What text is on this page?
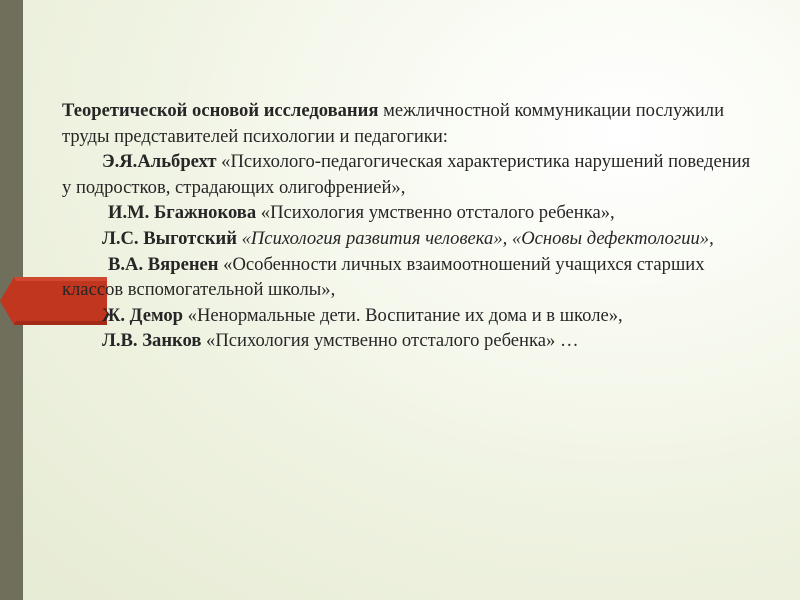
Теоретической основой исследования межличностной коммуникации послужили труды представителей психологии и педагогики:

Э.Я.Альбрехт «Психолого-педагогическая характеристика нарушений поведения у подростков, страдающих олигофренией»,

И.М. Бгажнокова «Психология умственно отсталого ребенка»,

Л.С. Выготский «Психология развития человека», «Основы дефектологии»,

В.А. Вяренен «Особенности личных взаимоотношений учащихся старших классов вспомогательной школы»,

Ж. Демор «Ненормальные дети. Воспитание их дома и в школе»,

Л.В. Занков «Психология умственно отсталого ребенка» …
